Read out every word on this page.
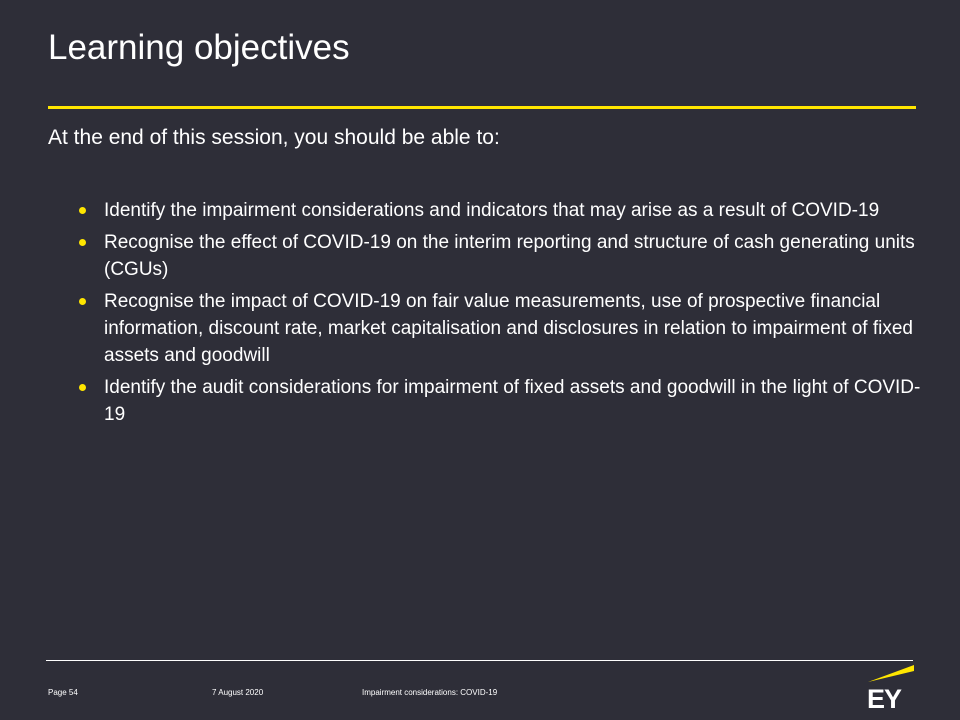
Learning objectives

At the end of this session, you should be able to:

Identify the impairment considerations and indicators that may arise as a result of COVID-19
Recognise the effect of COVID-19 on the interim reporting and structure of cash generating units (CGUs)
Recognise the impact of COVID-19 on fair value measurements, use of prospective financial information, discount rate, market capitalisation and disclosures in relation to impairment of fixed assets and goodwill
Identify the audit considerations for impairment of fixed assets and goodwill in the light of COVID-19
Page 54	7 August 2020	Impairment considerations: COVID-19	EY
